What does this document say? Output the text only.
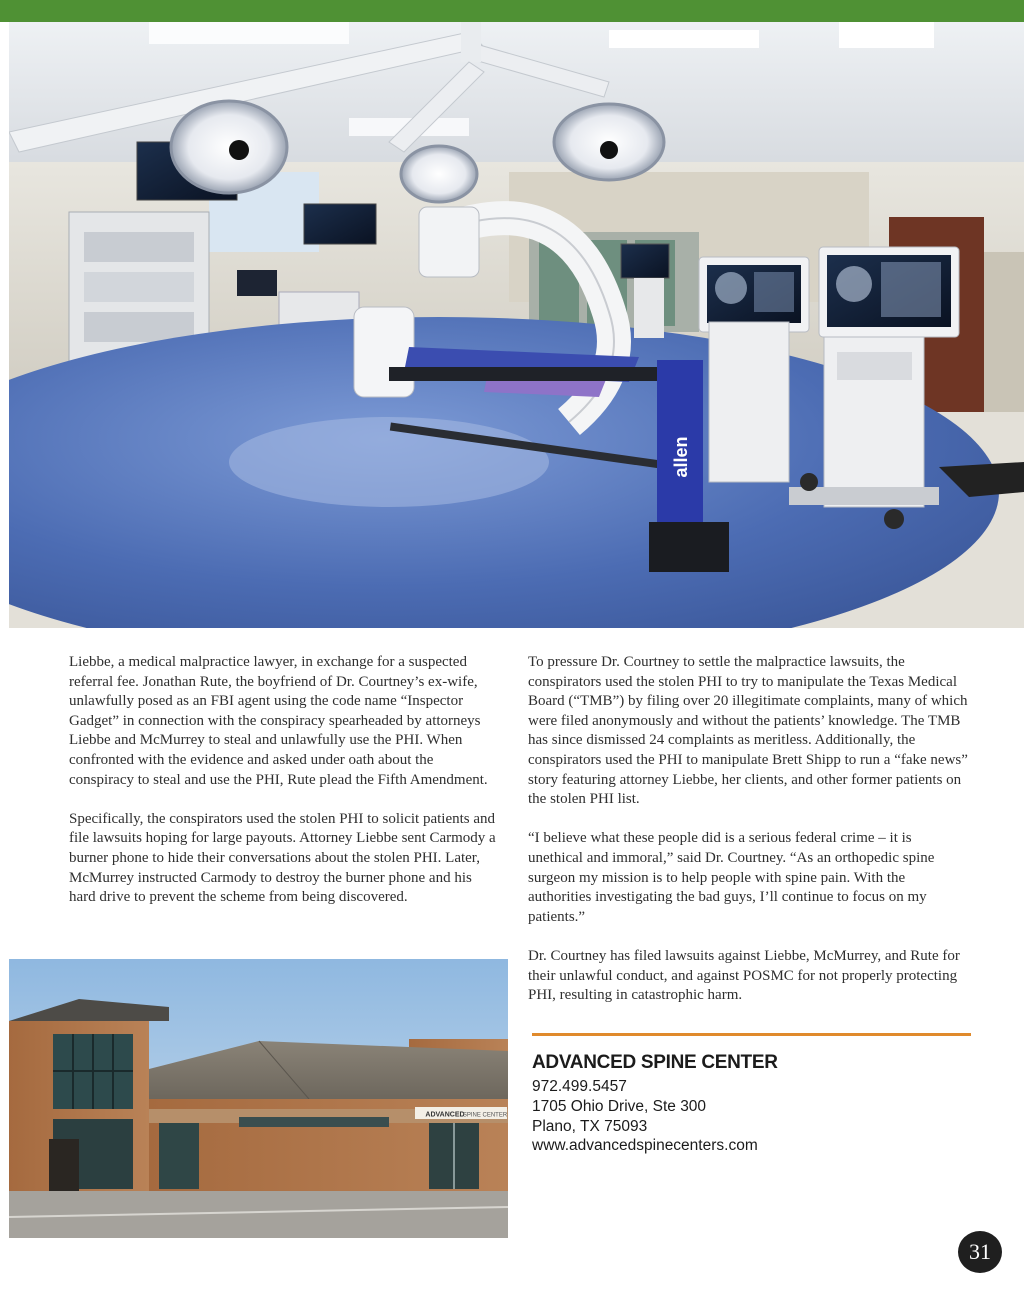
allen

Liebbe, a medical malpractice lawyer, in exchange for a suspected referral fee. Jonathan Rute, the boyfriend of Dr. Courtney’s ex-wife, unlawfully posed as an FBI agent using the code name “Inspector Gadget” in connection with the conspiracy spearheaded by attorneys Liebbe and McMurrey to steal and unlawfully use the PHI. When confronted with the evidence and asked under oath about the conspiracy to steal and use the PHI, Rute plead the Fifth Amendment.

Specifically, the conspirators used the stolen PHI to solicit patients and file lawsuits hoping for large payouts. Attorney Liebbe sent Carmody a burner phone to hide their conversations about the stolen PHI. Later, McMurrey instructed Carmody to destroy the burner phone and his hard drive to prevent the scheme from being discovered.

To pressure Dr. Courtney to settle the malpractice lawsuits, the conspirators used the stolen PHI to try to manipulate the Texas Medical Board (“TMB”) by filing over 20 illegitimate complaints, many of which were filed anonymously and without the patients’ knowledge. The TMB has since dismissed 24 complaints as meritless. Additionally, the conspirators used the PHI to manipulate Brett Shipp to run a “fake news” story featuring attorney Liebbe, her clients, and other former patients on the stolen PHI list.

“I believe what these people did is a serious federal crime – it is unethical and immoral,” said Dr. Courtney. “As an orthopedic spine surgeon my mission is to help people with spine pain. With the authorities investigating the bad guys, I’ll continue to focus on my patients.”

Dr. Courtney has filed lawsuits against Liebbe, McMurrey, and Rute for their unlawful conduct, and against POSMC for not properly protecting PHI, resulting in catastrophic harm.

ADVANCED
SPINE CENTER

ADVANCED SPINE CENTER

972.499.5457

1705 Ohio Drive, Ste 300

Plano, TX 75093

www.advancedspinecenters.com

31
